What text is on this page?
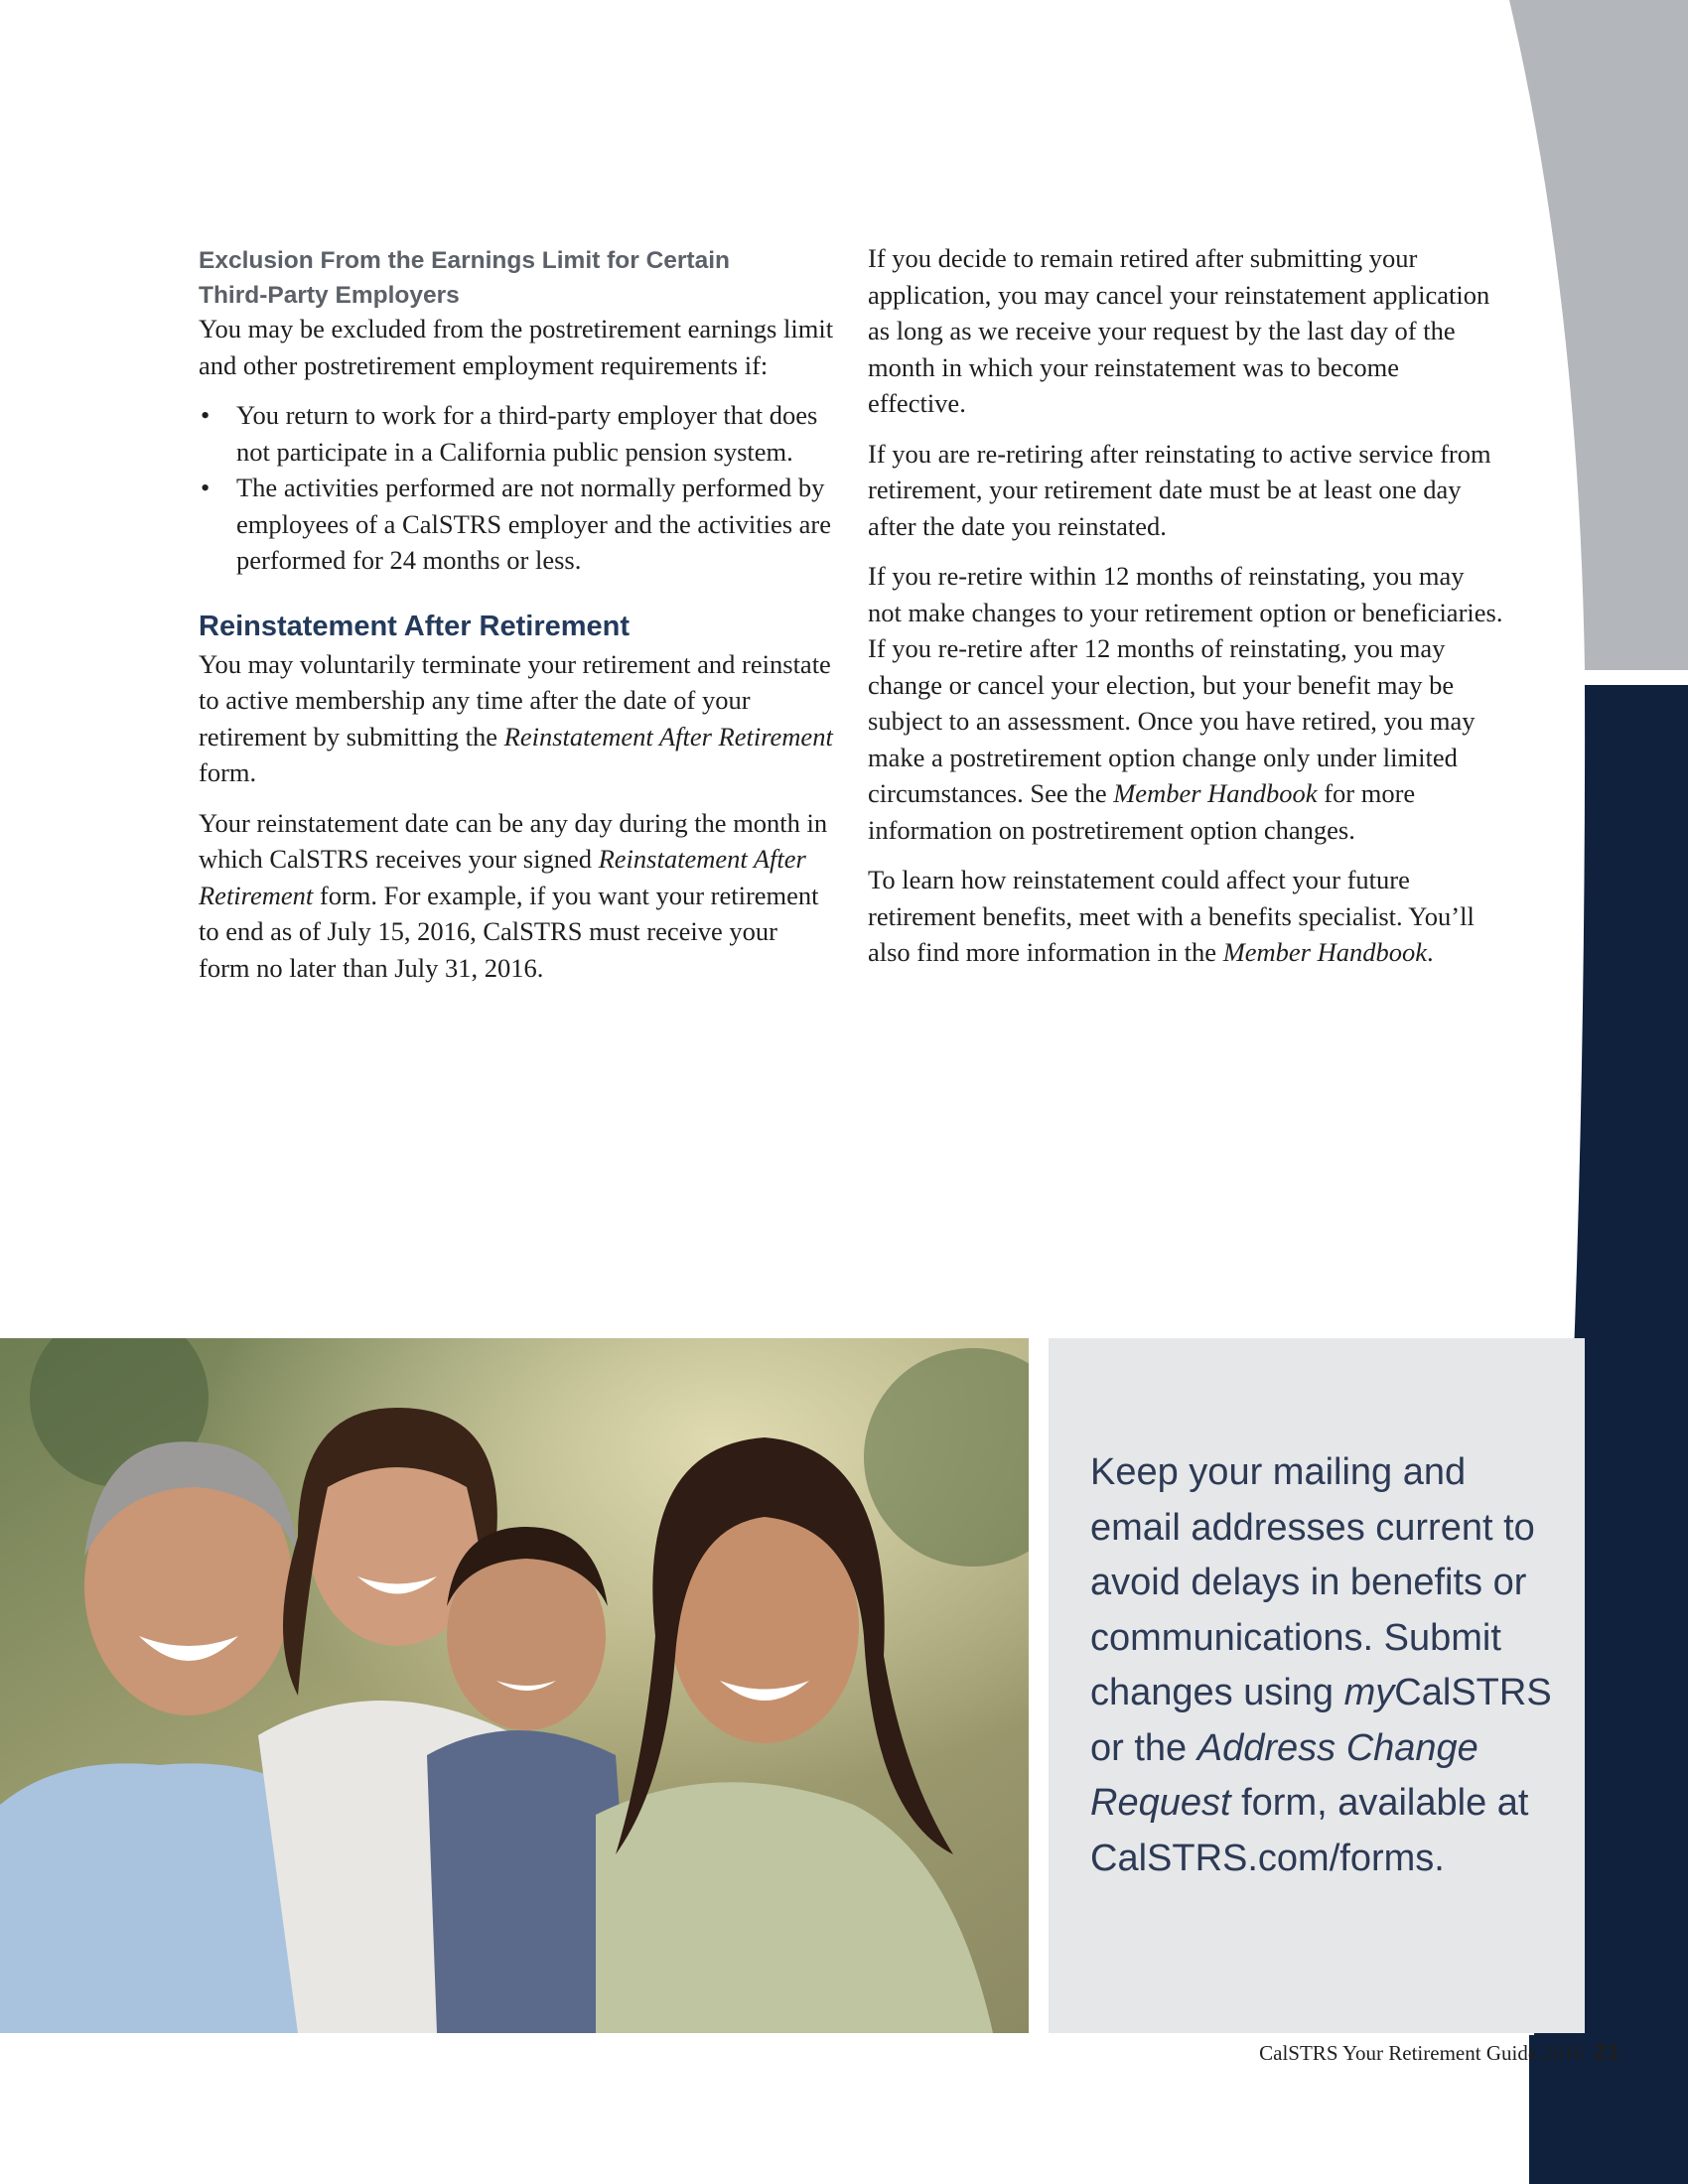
Exclusion From the Earnings Limit for Certain
Third-Party Employers

You may be excluded from the postretirement earnings limit and other postretirement employment requirements if:

• You return to work for a third-party employer that does not participate in a California public pension system.
• The activities performed are not normally performed by employees of a CalSTRS employer and the activities are performed for 24 months or less.
Reinstatement After Retirement

You may voluntarily terminate your retirement and reinstate to active membership any time after the date of your retirement by submitting the Reinstatement After Retirement form.

Your reinstatement date can be any day during the month in which CalSTRS receives your signed Reinstatement After Retirement form. For example, if you want your retirement to end as of July 15, 2016, CalSTRS must receive your form no later than July 31, 2016.

If you decide to remain retired after submitting your application, you may cancel your reinstatement application as long as we receive your request by the last day of the month in which your reinstatement was to become effective.

If you are re-retiring after reinstating to active service from retirement, your retirement date must be at least one day after the date you reinstated.

If you re-retire within 12 months of reinstating, you may not make changes to your retirement option or beneficiaries. If you re-retire after 12 months of reinstating, you may change or cancel your election, but your benefit may be subject to an assessment. Once you have retired, you may make a postretirement option change only under limited circumstances. See the Member Handbook for more information on postretirement option changes.

To learn how reinstatement could affect your future retirement benefits, meet with a benefits specialist. You’ll also find more information in the Member Handbook.

Keep your mailing and email addresses current to avoid delays in benefits or communications. Submit changes using myCalSTRS or the Address Change Request form, available at CalSTRS.com/forms.
CalSTRS Your Retirement Guide 2016 21
